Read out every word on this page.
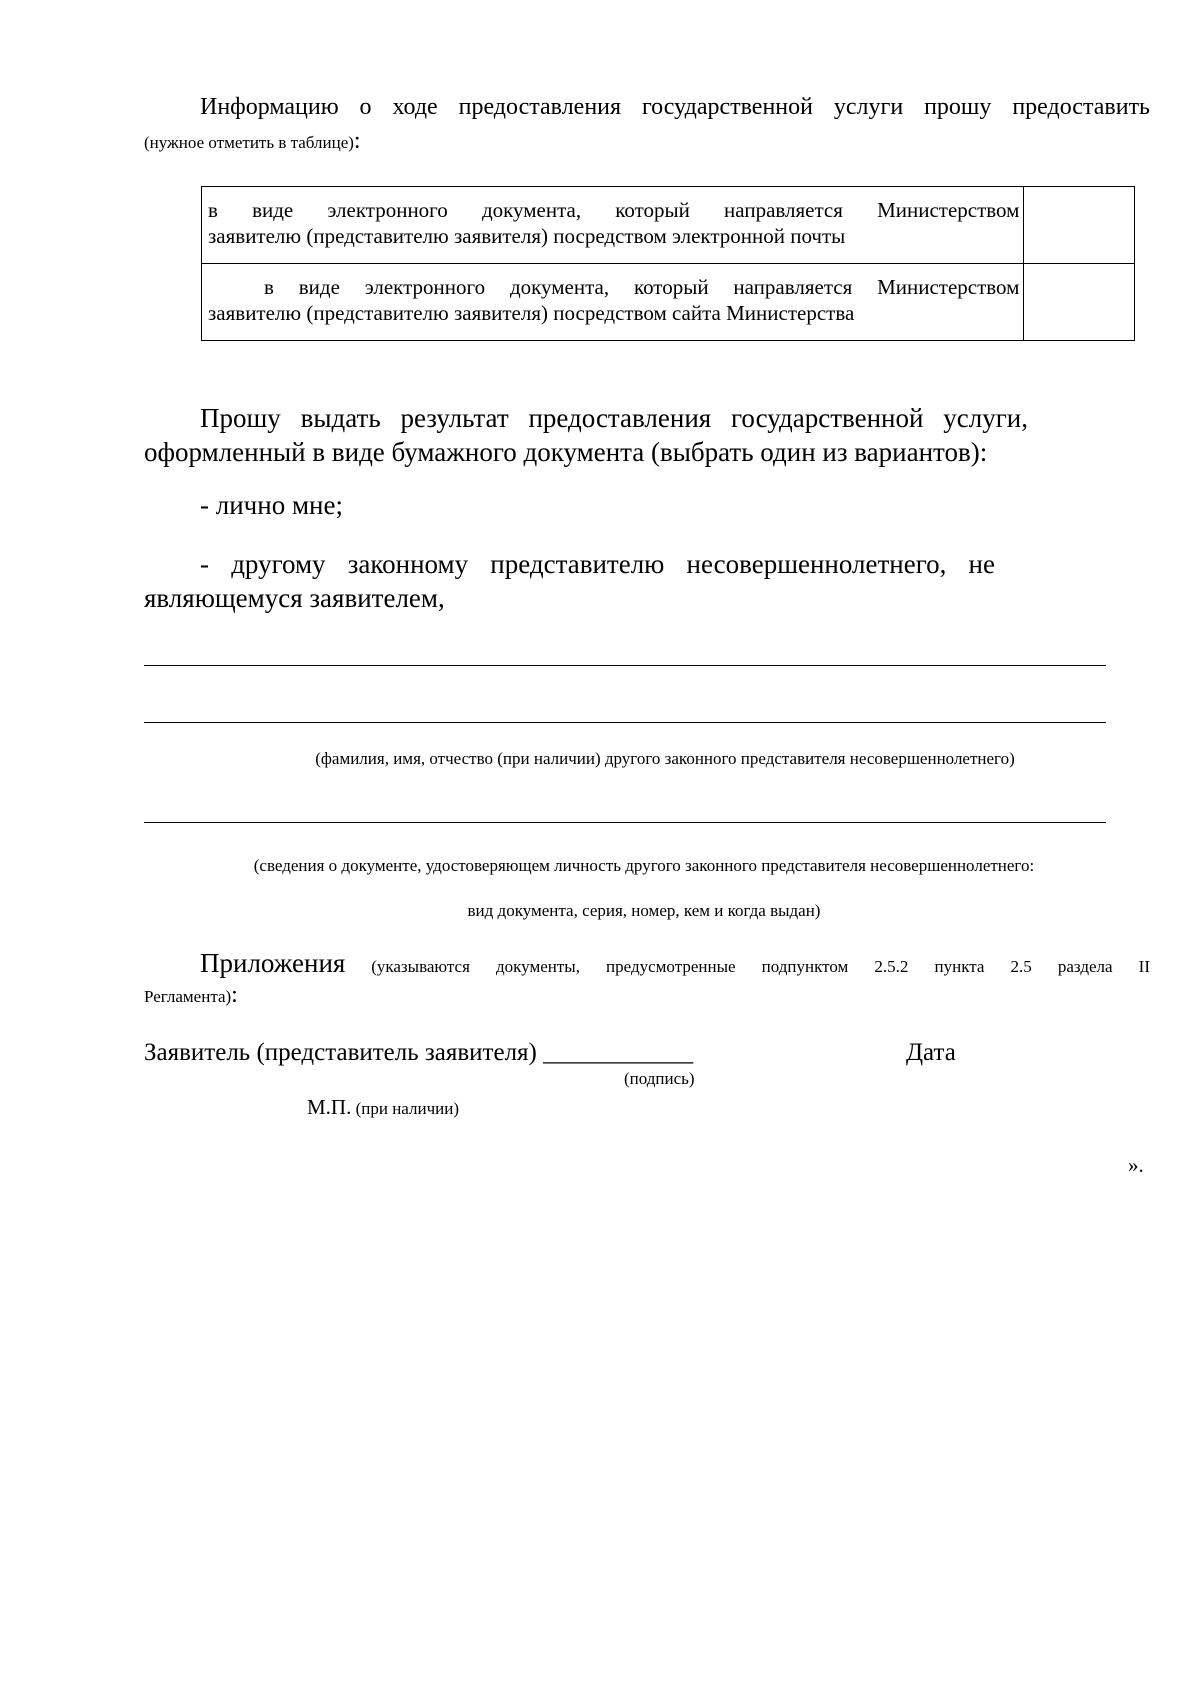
Информацию о ходе предоставления государственной услуги прошу предоставить
(нужное отметить в таблице):
в виде электронного документа, который направляется Министерством
заявителю (представителю заявителя) посредством электронной почты	

в виде электронного документа, который направляется Министерством
заявителю (представителю заявителя) посредством сайта Министерства	

Прошу выдать результат предоставления государственной услуги,
оформленный в виде бумажного документа (выбрать один из вариантов):
- лично мне;
- другому законному представителю несовершеннолетнего, не
являющемуся заявителем,
(фамилия, имя, отчество (при наличии) другого законного представителя несовершеннолетнего)
(сведения о документе, удостоверяющем личность другого законного представителя несовершеннолетнего:
вид документа, серия, номер, кем и когда выдан)
Приложения (указываются документы, предусмотренные подпунктом 2.5.2 пункта 2.5 раздела II
Регламента):
Заявитель (представитель заявителя) ____________	Дата
(подпись)
М.П. (при наличии)
».
